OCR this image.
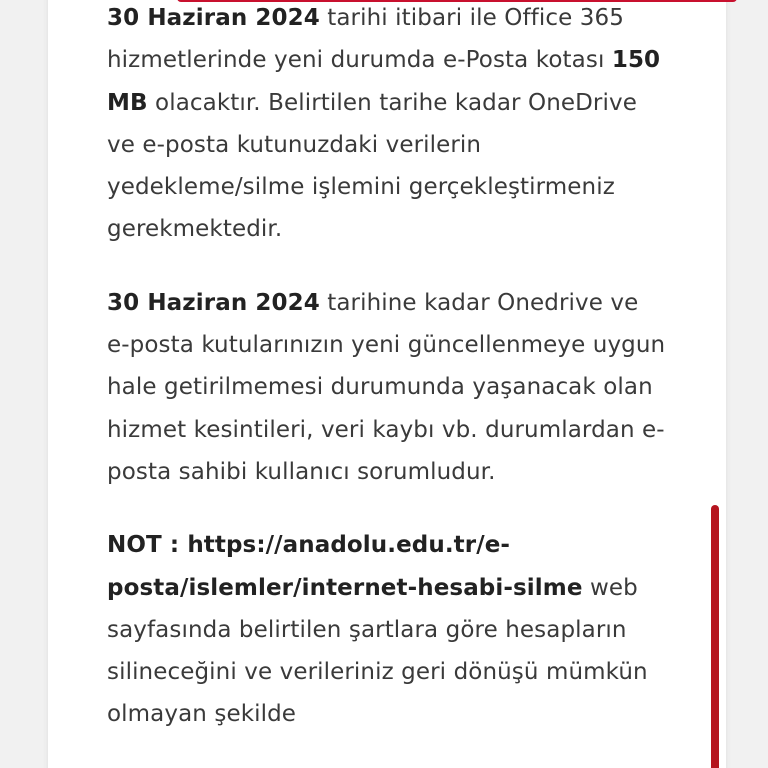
30 Haziran 2024 tarihi itibari ile Office 365 hizmetlerinde yeni durumda e-Posta kotası 150 MB olacaktır. Belirtilen tarihe kadar OneDrive ve e-posta kutunuzdaki verilerin yedekleme/silme işlemini gerçekleştirmeniz gerekmektedir.

30 Haziran 2024 tarihine kadar Onedrive ve e-posta kutularınızın yeni güncellenmeye uygun hale getirilmemesi durumunda yaşanacak olan hizmet kesintileri, veri kaybı vb. durumlardan e-posta sahibi kullanıcı sorumludur.

NOT : https://anadolu.edu.tr/e-posta/islemler/internet-hesabi-silme web sayfasında belirtilen şartlara göre hesapların silineceğini ve verileriniz geri dönüşü mümkün olmayan şekilde
